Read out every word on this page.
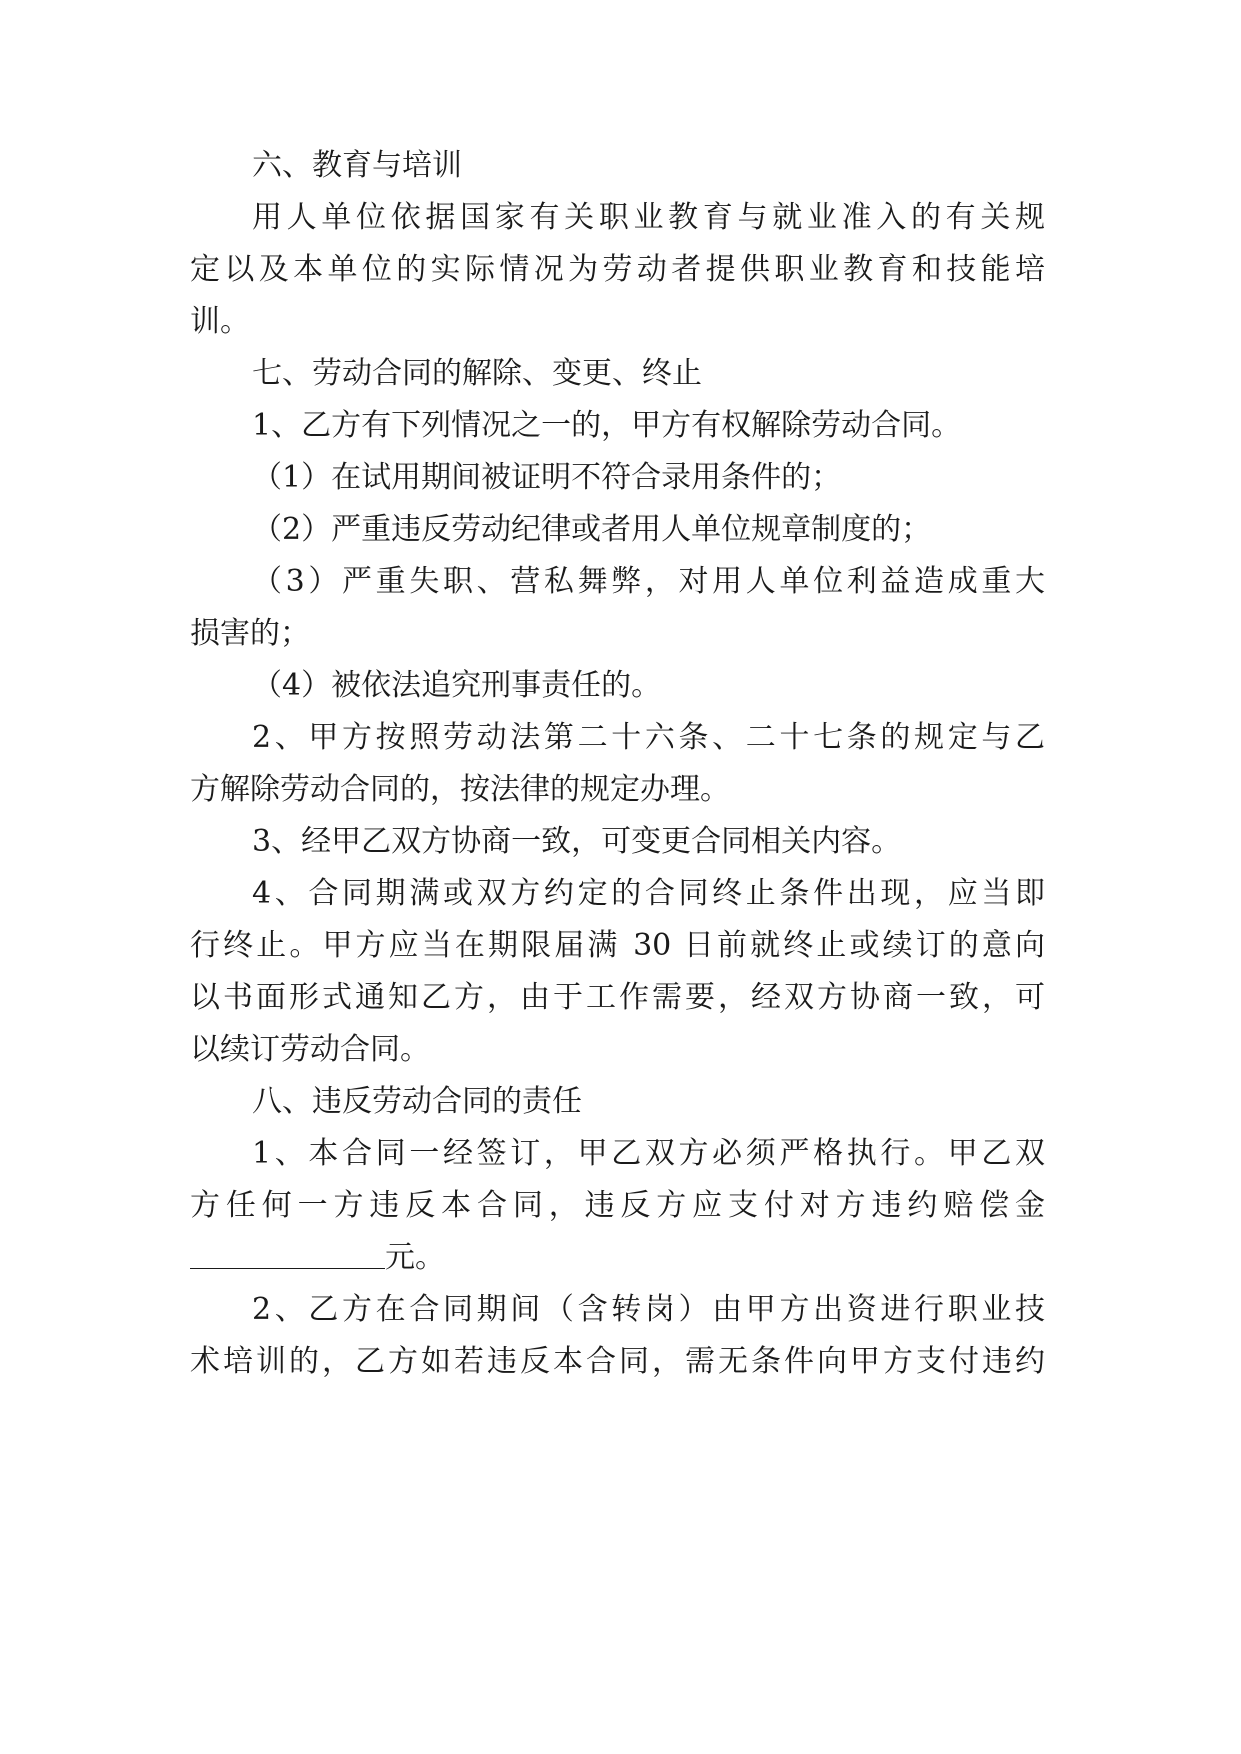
六、教育与培训
用人单位依据国家有关职业教育与就业准入的有关规
定以及本单位的实际情况为劳动者提供职业教育和技能培
训。
七、劳动合同的解除、变更、终止
1、乙方有下列情况之一的，甲方有权解除劳动合同。
（1）在试用期间被证明不符合录用条件的；
（2）严重违反劳动纪律或者用人单位规章制度的；
（3）严重失职、营私舞弊，对用人单位利益造成重大
损害的；
（4）被依法追究刑事责任的。
2、甲方按照劳动法第二十六条、二十七条的规定与乙
方解除劳动合同的，按法律的规定办理。
3、经甲乙双方协商一致，可变更合同相关内容。
4、合同期满或双方约定的合同终止条件出现，应当即
行终止。甲方应当在期限届满 30 日前就终止或续订的意向
以书面形式通知乙方，由于工作需要，经双方协商一致，可
以续订劳动合同。
八、违反劳动合同的责任
1、本合同一经签订，甲乙双方必须严格执行。甲乙双
方任何一方违反本合同，违反方应支付对方违约赔偿金
元。
2、乙方在合同期间（含转岗）由甲方出资进行职业技
术培训的，乙方如若违反本合同，需无条件向甲方支付违约
